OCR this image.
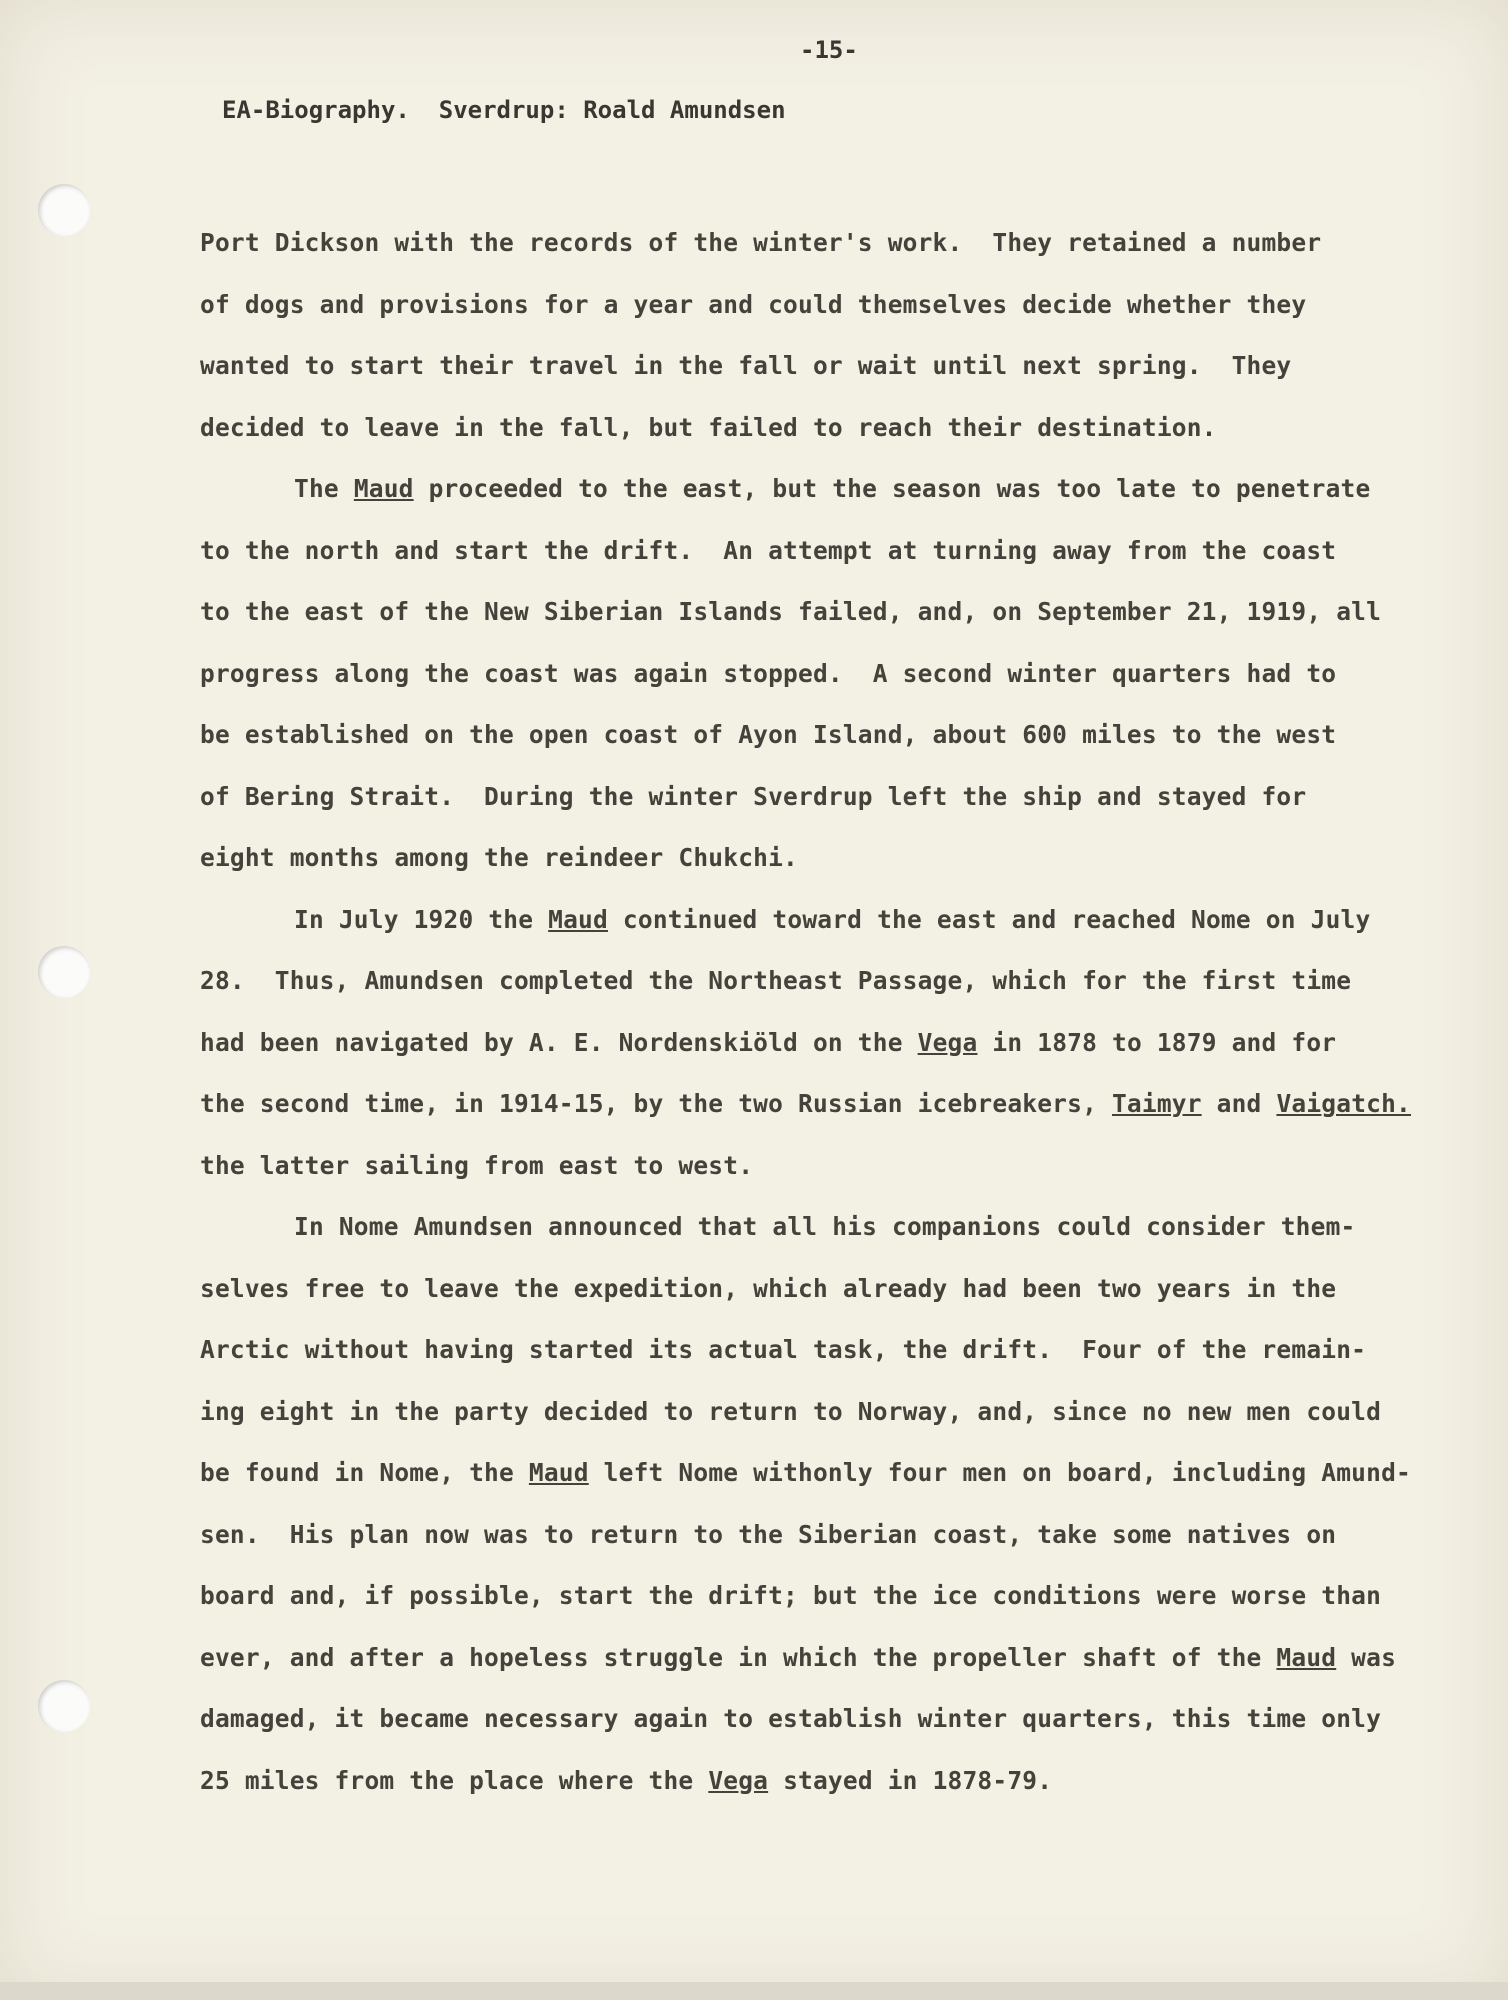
-15-
EA-Biography.  Sverdrup: Roald Amundsen
Port Dickson with the records of the winter's work.  They retained a number
of dogs and provisions for a year and could themselves decide whether they
wanted to start their travel in the fall or wait until next spring.  They
decided to leave in the fall, but failed to reach their destination.
The Maud proceeded to the east, but the season was too late to penetrate
to the north and start the drift.  An attempt at turning away from the coast
to the east of the New Siberian Islands failed, and, on September 21, 1919, all
progress along the coast was again stopped.  A second winter quarters had to
be established on the open coast of Ayon Island, about 600 miles to the west
of Bering Strait.  During the winter Sverdrup left the ship and stayed for
eight months among the reindeer Chukchi.
In July 1920 the Maud continued toward the east and reached Nome on July
28.  Thus, Amundsen completed the Northeast Passage, which for the first time
had been navigated by A. E. Nordenskiöld on the Vega in 1878 to 1879 and for
the second time, in 1914-15, by the two Russian icebreakers, Taimyr and Vaigatch.
the latter sailing from east to west.
In Nome Amundsen announced that all his companions could consider them-
selves free to leave the expedition, which already had been two years in the
Arctic without having started its actual task, the drift.  Four of the remain-
ing eight in the party decided to return to Norway, and, since no new men could
be found in Nome, the Maud left Nome withonly four men on board, including Amund-
sen.  His plan now was to return to the Siberian coast, take some natives on
board and, if possible, start the drift; but the ice conditions were worse than
ever, and after a hopeless struggle in which the propeller shaft of the Maud was
damaged, it became necessary again to establish winter quarters, this time only
25 miles from the place where the Vega stayed in 1878-79.
